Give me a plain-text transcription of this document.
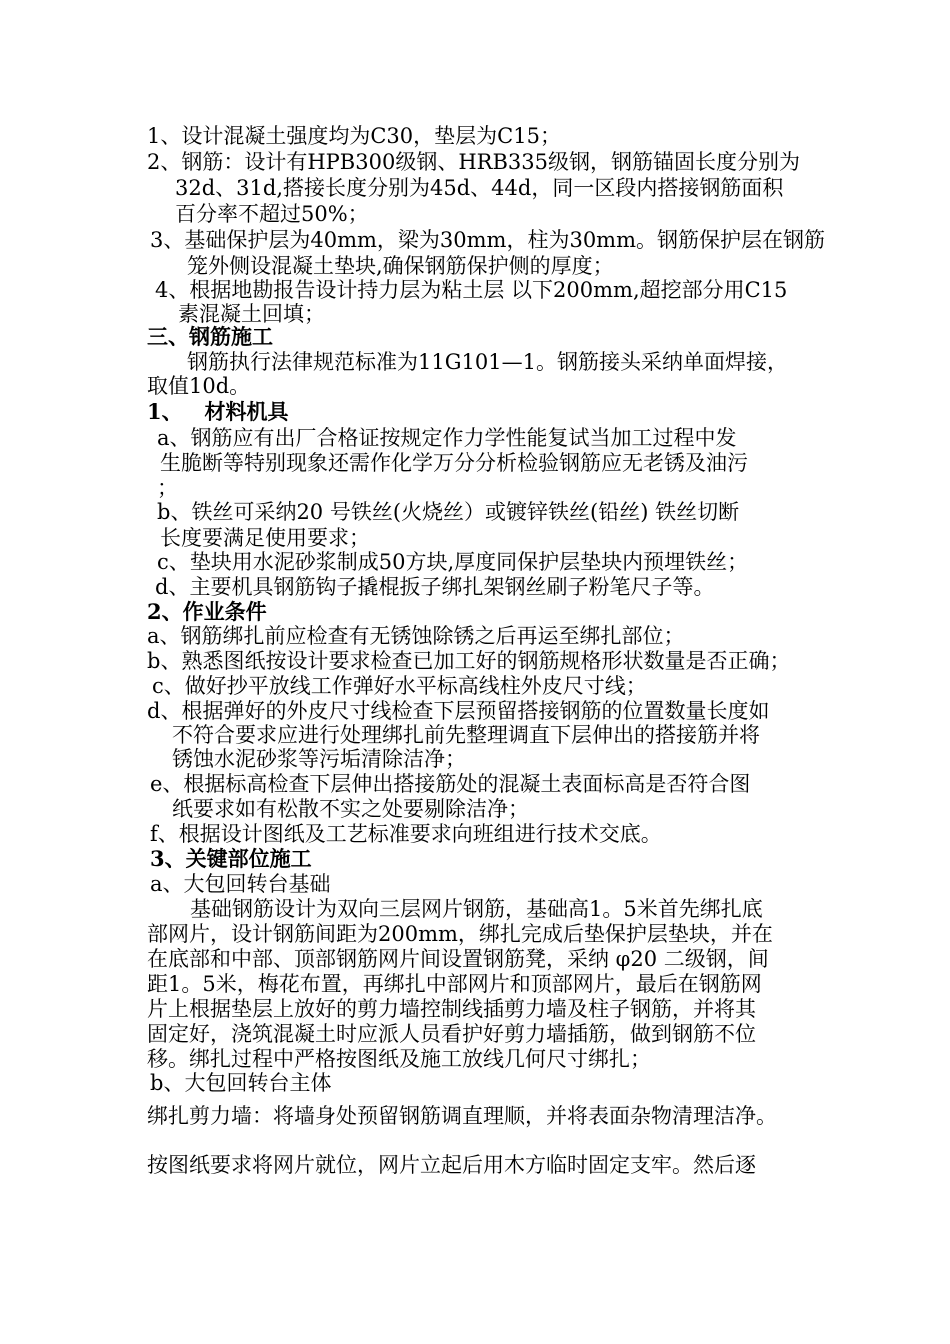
1、设计混凝土强度均为C30，垫层为C15；
2、钢筋：设计有HPB300级钢、HRB335级钢，钢筋锚固长度分别为
32d、31d,搭接长度分别为45d、44d，同一区段内搭接钢筋面积
百分率不超过50%；
3、基础保护层为40mm，梁为30mm，柱为30mm。钢筋保护层在钢筋
笼外侧设混凝土垫块,确保钢筋保护侧的厚度；
4、根据地勘报告设计持力层为粘土层 以下200mm,超挖部分用C15
素混凝土回填；
三、钢筋施工
钢筋执行法律规范标准为11G101—1。钢筋接头采纳单面焊接，
取值10d。
1、   材料机具
a、钢筋应有出厂合格证按规定作力学性能复试当加工过程中发
生脆断等特别现象还需作化学万分分析检验钢筋应无老锈及油污
；
b、铁丝可采纳20 号铁丝(火烧丝）或镀锌铁丝(铅丝) 铁丝切断
长度要满足使用要求；
c、垫块用水泥砂浆制成50方块,厚度同保护层垫块内预埋铁丝；
d、主要机具钢筋钩子撬棍扳子绑扎架钢丝刷子粉笔尺子等。
2、作业条件
a、钢筋绑扎前应检查有无锈蚀除锈之后再运至绑扎部位；
b、熟悉图纸按设计要求检查已加工好的钢筋规格形状数量是否正确；
c、做好抄平放线工作弹好水平标高线柱外皮尺寸线；
d、根据弹好的外皮尺寸线检查下层预留搭接钢筋的位置数量长度如
不符合要求应进行处理绑扎前先整理调直下层伸出的搭接筋并将
锈蚀水泥砂浆等污垢清除洁净；
e、根据标高检查下层伸出搭接筋处的混凝土表面标高是否符合图
纸要求如有松散不实之处要剔除洁净；
f、根据设计图纸及工艺标准要求向班组进行技术交底。
3、关键部位施工
a、大包回转台基础
基础钢筋设计为双向三层网片钢筋，基础高1。5米首先绑扎底
部网片，设计钢筋间距为200mm，绑扎完成后垫保护层垫块，并在
在底部和中部、顶部钢筋网片间设置钢筋凳，采纳 φ20 二级钢，间
距1。5米，梅花布置，再绑扎中部网片和顶部网片，最后在钢筋网
片上根据垫层上放好的剪力墙控制线插剪力墙及柱子钢筋，并将其
固定好，浇筑混凝土时应派人员看护好剪力墙插筋，做到钢筋不位
移。绑扎过程中严格按图纸及施工放线几何尺寸绑扎；
b、大包回转台主体
绑扎剪力墙：将墙身处预留钢筋调直理顺，并将表面杂物清理洁净。
按图纸要求将网片就位，网片立起后用木方临时固定支牢。然后逐
